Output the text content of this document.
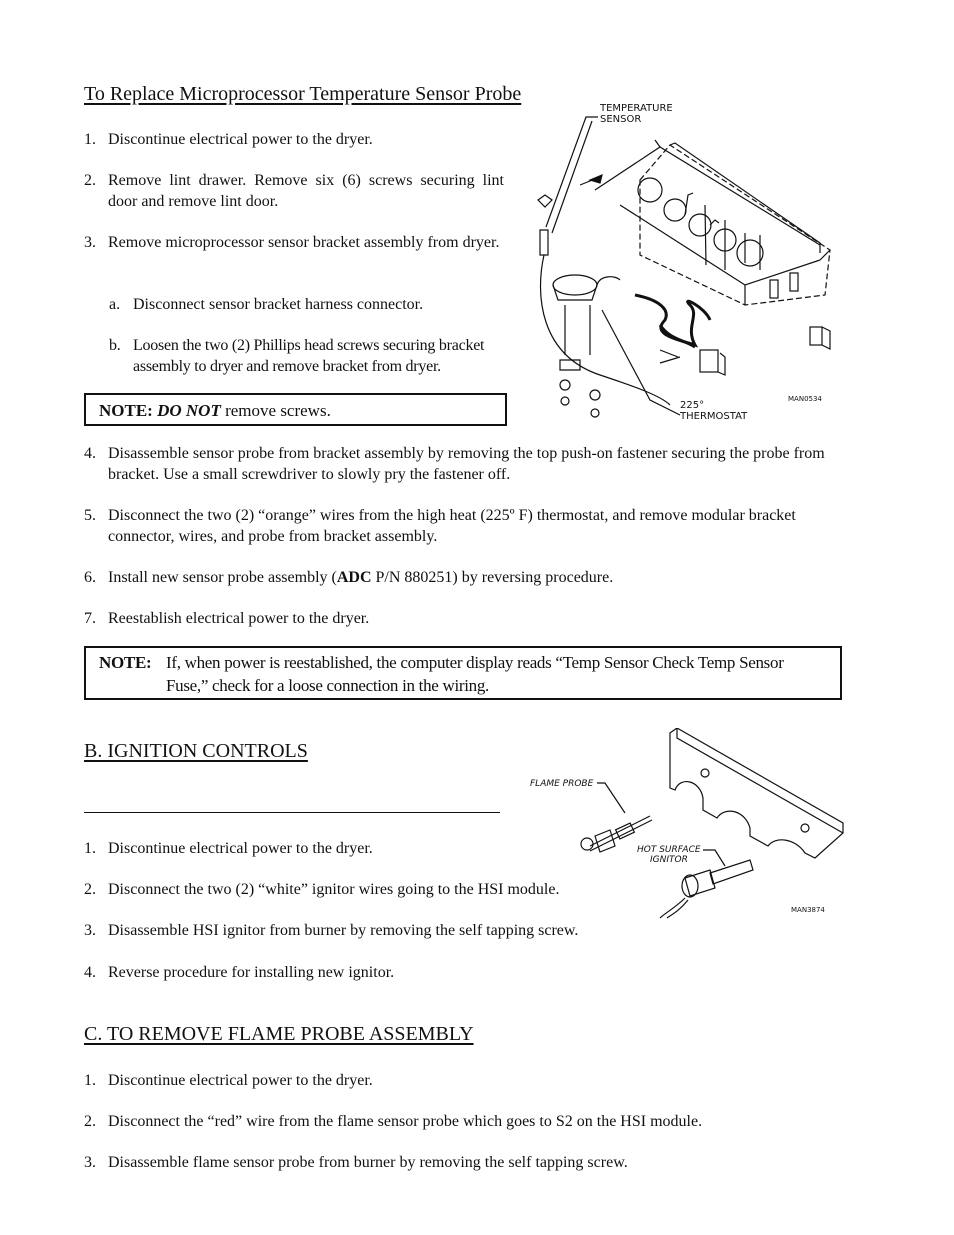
To Replace Microprocessor Temperature Sensor Probe
1. Discontinue electrical power to the dryer.
2. Remove lint drawer. Remove six (6) screws securing lint door and remove lint door.
3. Remove microprocessor sensor bracket assembly from dryer.
a. Disconnect sensor bracket harness connector.
b. Loosen the two (2) Phillips head screws securing bracket assembly to dryer and remove bracket from dryer.
NOTE: DO NOT remove screws.
TEMPERATURE
SENSOR
225°
THERMOSTAT
MAN0534
4. Disassemble sensor probe from bracket assembly by removing the top push-on fastener securing the probe from bracket. Use a small screwdriver to slowly pry the fastener off.
5. Disconnect the two (2) “orange” wires from the high heat (225º F) thermostat, and remove modular bracket connector, wires, and probe from bracket assembly.
6. Install new sensor probe assembly (ADC P/N 880251) by reversing procedure.
7. Reestablish electrical power to the dryer.
NOTE: If, when power is reestablished, the computer display reads “Temp Sensor Check Temp Sensor Fuse,” check for a loose connection in the wiring.
B. IGNITION CONTROLS
FLAME PROBE
HOT SURFACE
IGNITOR
MAN3874
1. Discontinue electrical power to the dryer.
2. Disconnect the two (2) “white” ignitor wires going to the HSI module.
3. Disassemble HSI ignitor from burner by removing the self tapping screw.
4. Reverse procedure for installing new ignitor.
C. TO REMOVE FLAME PROBE ASSEMBLY
1. Discontinue electrical power to the dryer.
2. Disconnect the “red” wire from the flame sensor probe which goes to S2 on the HSI module.
3. Disassemble flame sensor probe from burner by removing the self tapping screw.
